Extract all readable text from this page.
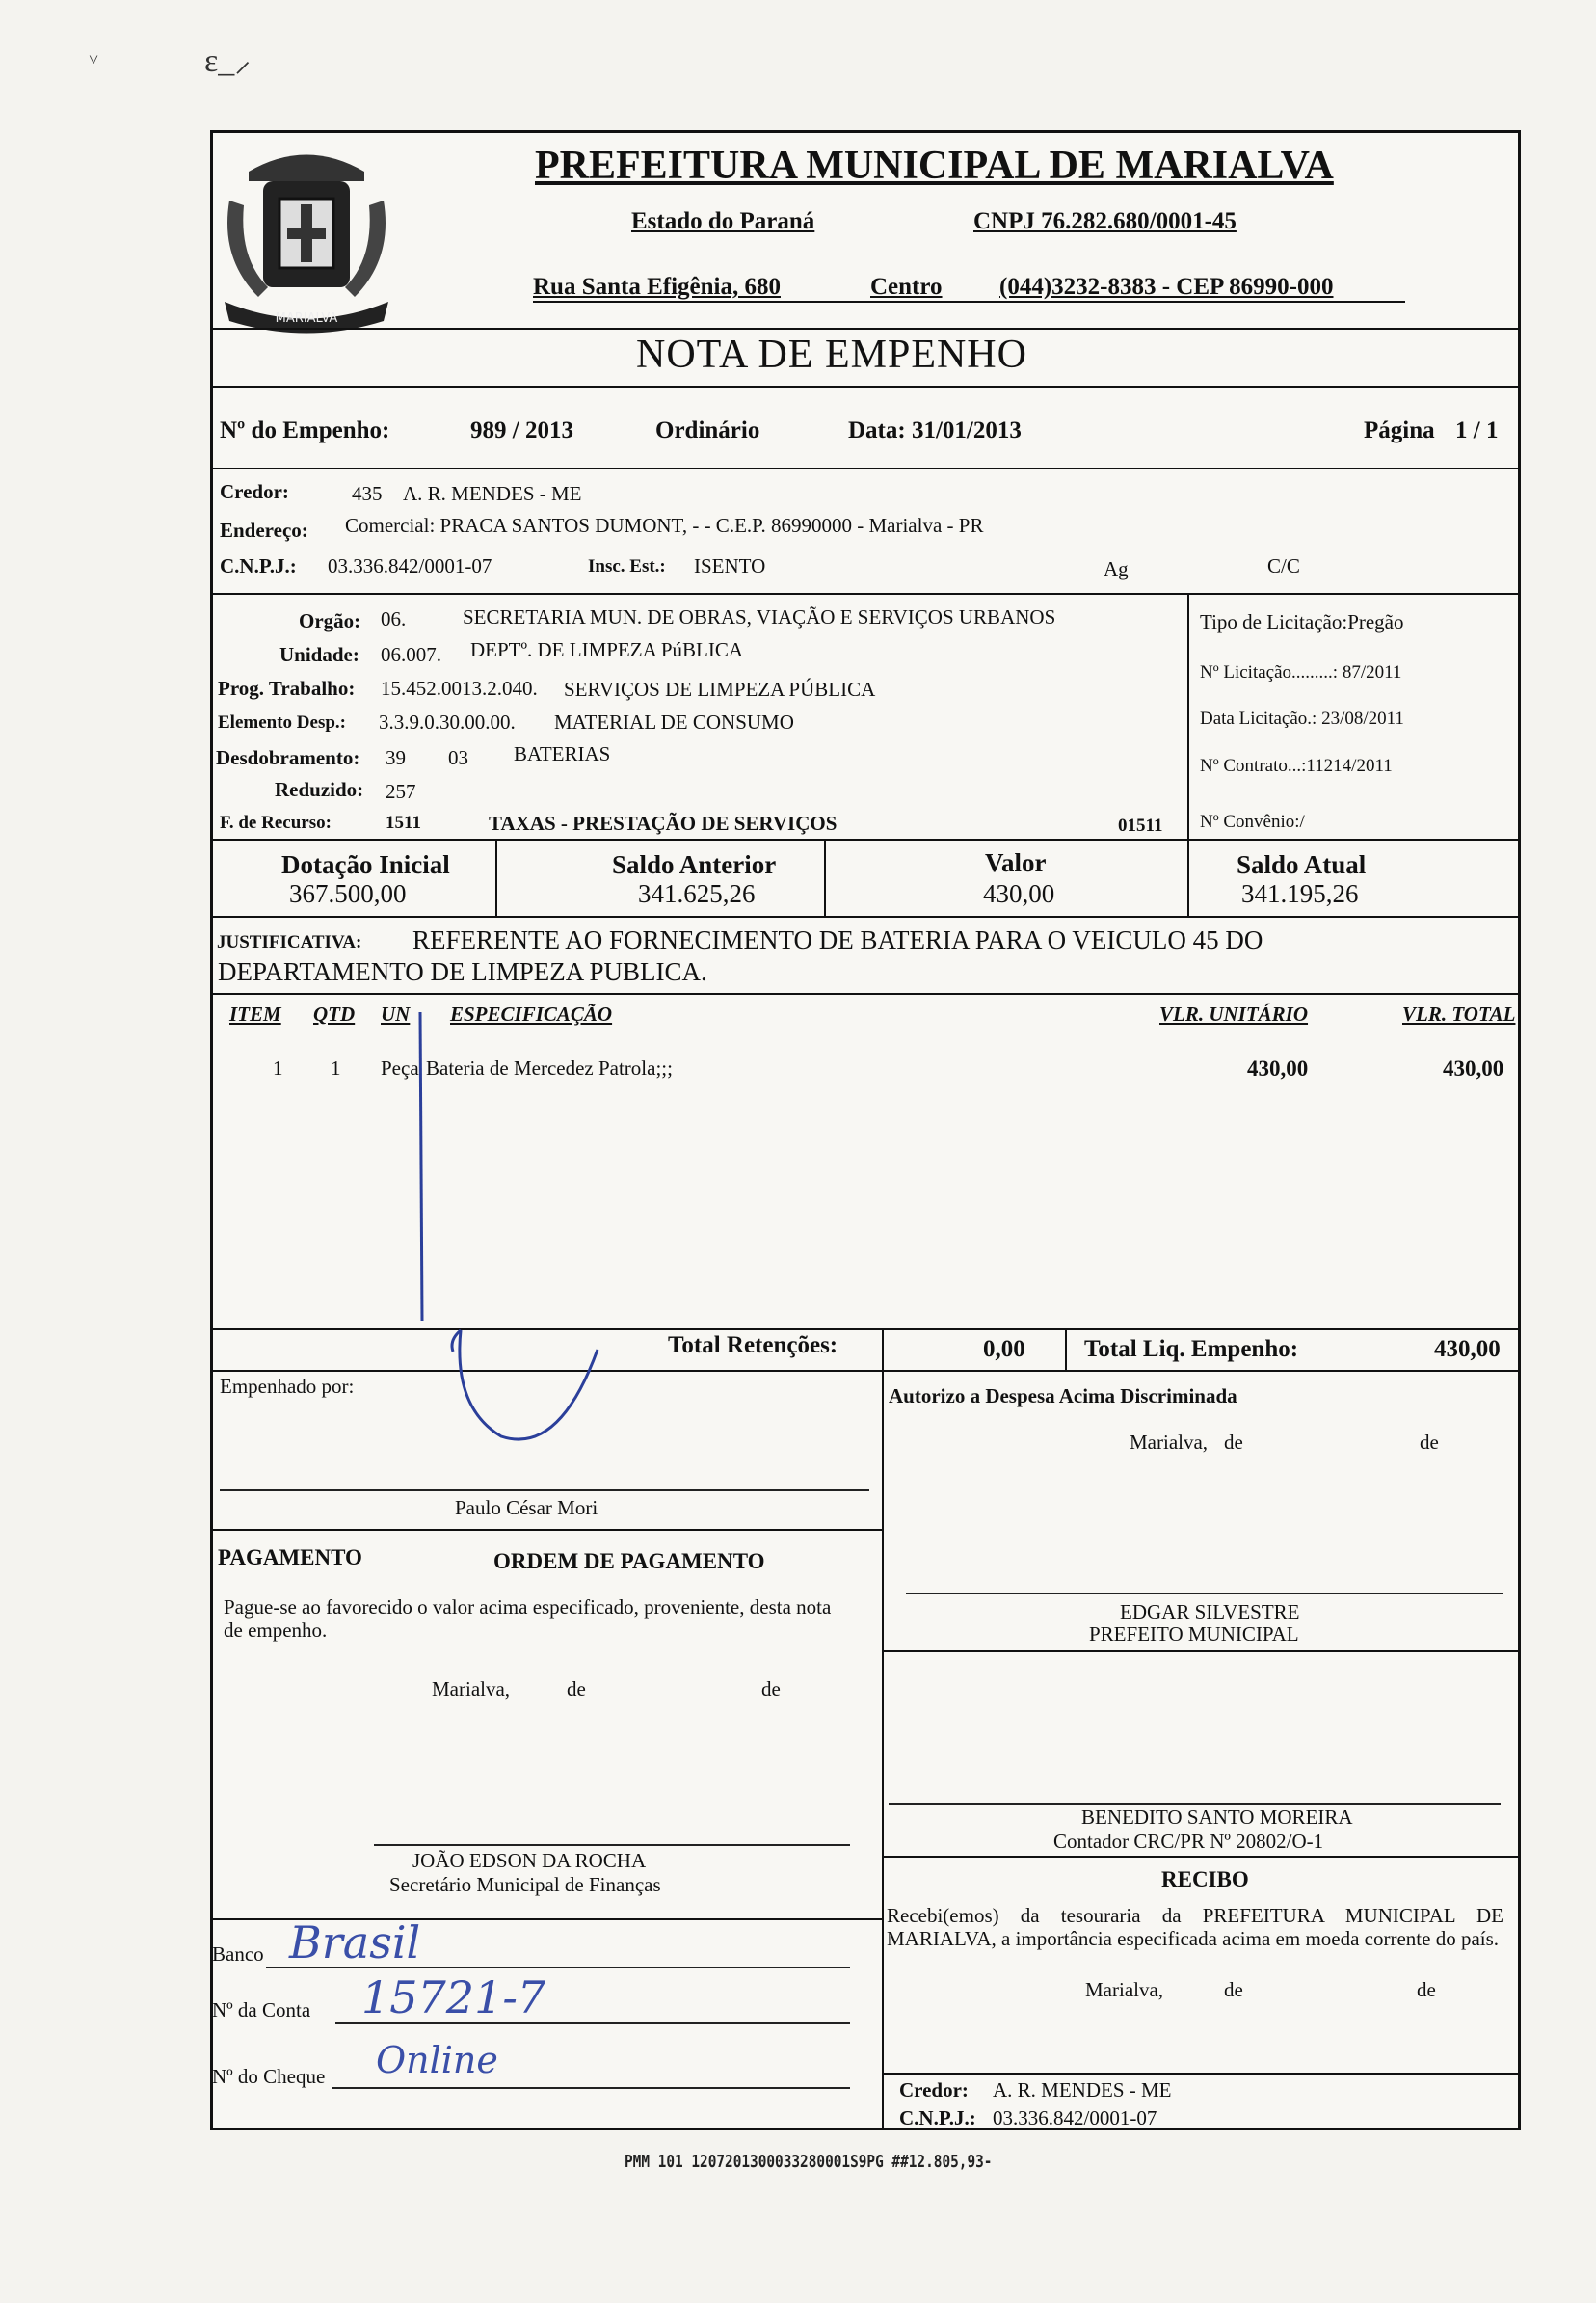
˅	ɛ_⸝
MARIALVA
PREFEITURA MUNICIPAL DE MARIALVA
Estado do Paraná	CNPJ 76.282.680/0001-45
Rua Santa Efigênia, 680	Centro (044)3232-8383 - CEP 86990-000
NOTA DE EMPENHO
Nº do Empenho:	989 / 2013	Ordinário	Data: 31/01/2013	Página 1 / 1
Credor:	435 A. R. MENDES - ME
Endereço: Comercial: PRACA SANTOS DUMONT, - - C.E.P. 86990000 - Marialva - PR
C.N.P.J.: 03.336.842/0001-07	Insc. Est.: ISENTO	Ag	C/C
Orgão: 06.	SECRETARIA MUN. DE OBRAS, VIAÇÃO E SERVIÇOS URBANOS
Unidade: 06.007. DEPTº. DE LIMPEZA PúBLICA
Prog. Trabalho: 15.452.0013.2.040. SERVIÇOS DE LIMPEZA PÚBLICA
Elemento Desp.: 3.3.9.0.30.00.00. MATERIAL DE CONSUMO
Desdobramento: 39 03 BATERIAS
Reduzido: 257
F. de Recurso:	1511	TAXAS - PRESTAÇÃO DE SERVIÇOS	01511
Tipo de Licitação:Pregão
Nº Licitação.........: 87/2011
Data Licitação.: 23/08/2011
Nº Contrato...:11214/2011
Nº Convênio:/
Dotação Inicial
367.500,00
Saldo Anterior
341.625,26
Valor
430,00
Saldo Atual
341.195,26
JUSTIFICATIVA: REFERENTE AO FORNECIMENTO DE BATERIA PARA O VEICULO 45 DO
DEPARTAMENTO DE LIMPEZA PUBLICA.
ITEM QTD UN ESPECIFICAÇÃO	VLR. UNITÁRIO	VLR. TOTAL
1 1 Peça Bateria de Mercedez Patrola;;;	430,00	430,00
Total Retenções:	0,00 Total Liq. Empenho:	430,00
Empenhado por:
Paulo César Mori
Autorizo a Despesa Acima Discriminada
Marialva, de	de
PAGAMENTO	ORDEM DE PAGAMENTO
Pague-se ao favorecido o valor acima especificado, proveniente, desta nota de empenho.
Marialva,	de	de
JOÃO EDSON DA ROCHA
Secretário Municipal de Finanças
EDGAR SILVESTRE
PREFEITO MUNICIPAL
BENEDITO SANTO MOREIRA
Contador CRC/PR Nº 20802/O-1
RECIBO
Recebi(emos) da tesouraria da PREFEITURA MUNICIPAL DE MARIALVA, a importância especificada acima em moeda corrente do país.
Marialva,	de	de
Credor: A. R. MENDES - ME
C.N.P.J.: 03.336.842/0001-07
Banco Brasil
Nº da Conta 15721-7
Nº do Cheque Online
PMM 101 1207201300033280001S9PG ##12.805,93-
